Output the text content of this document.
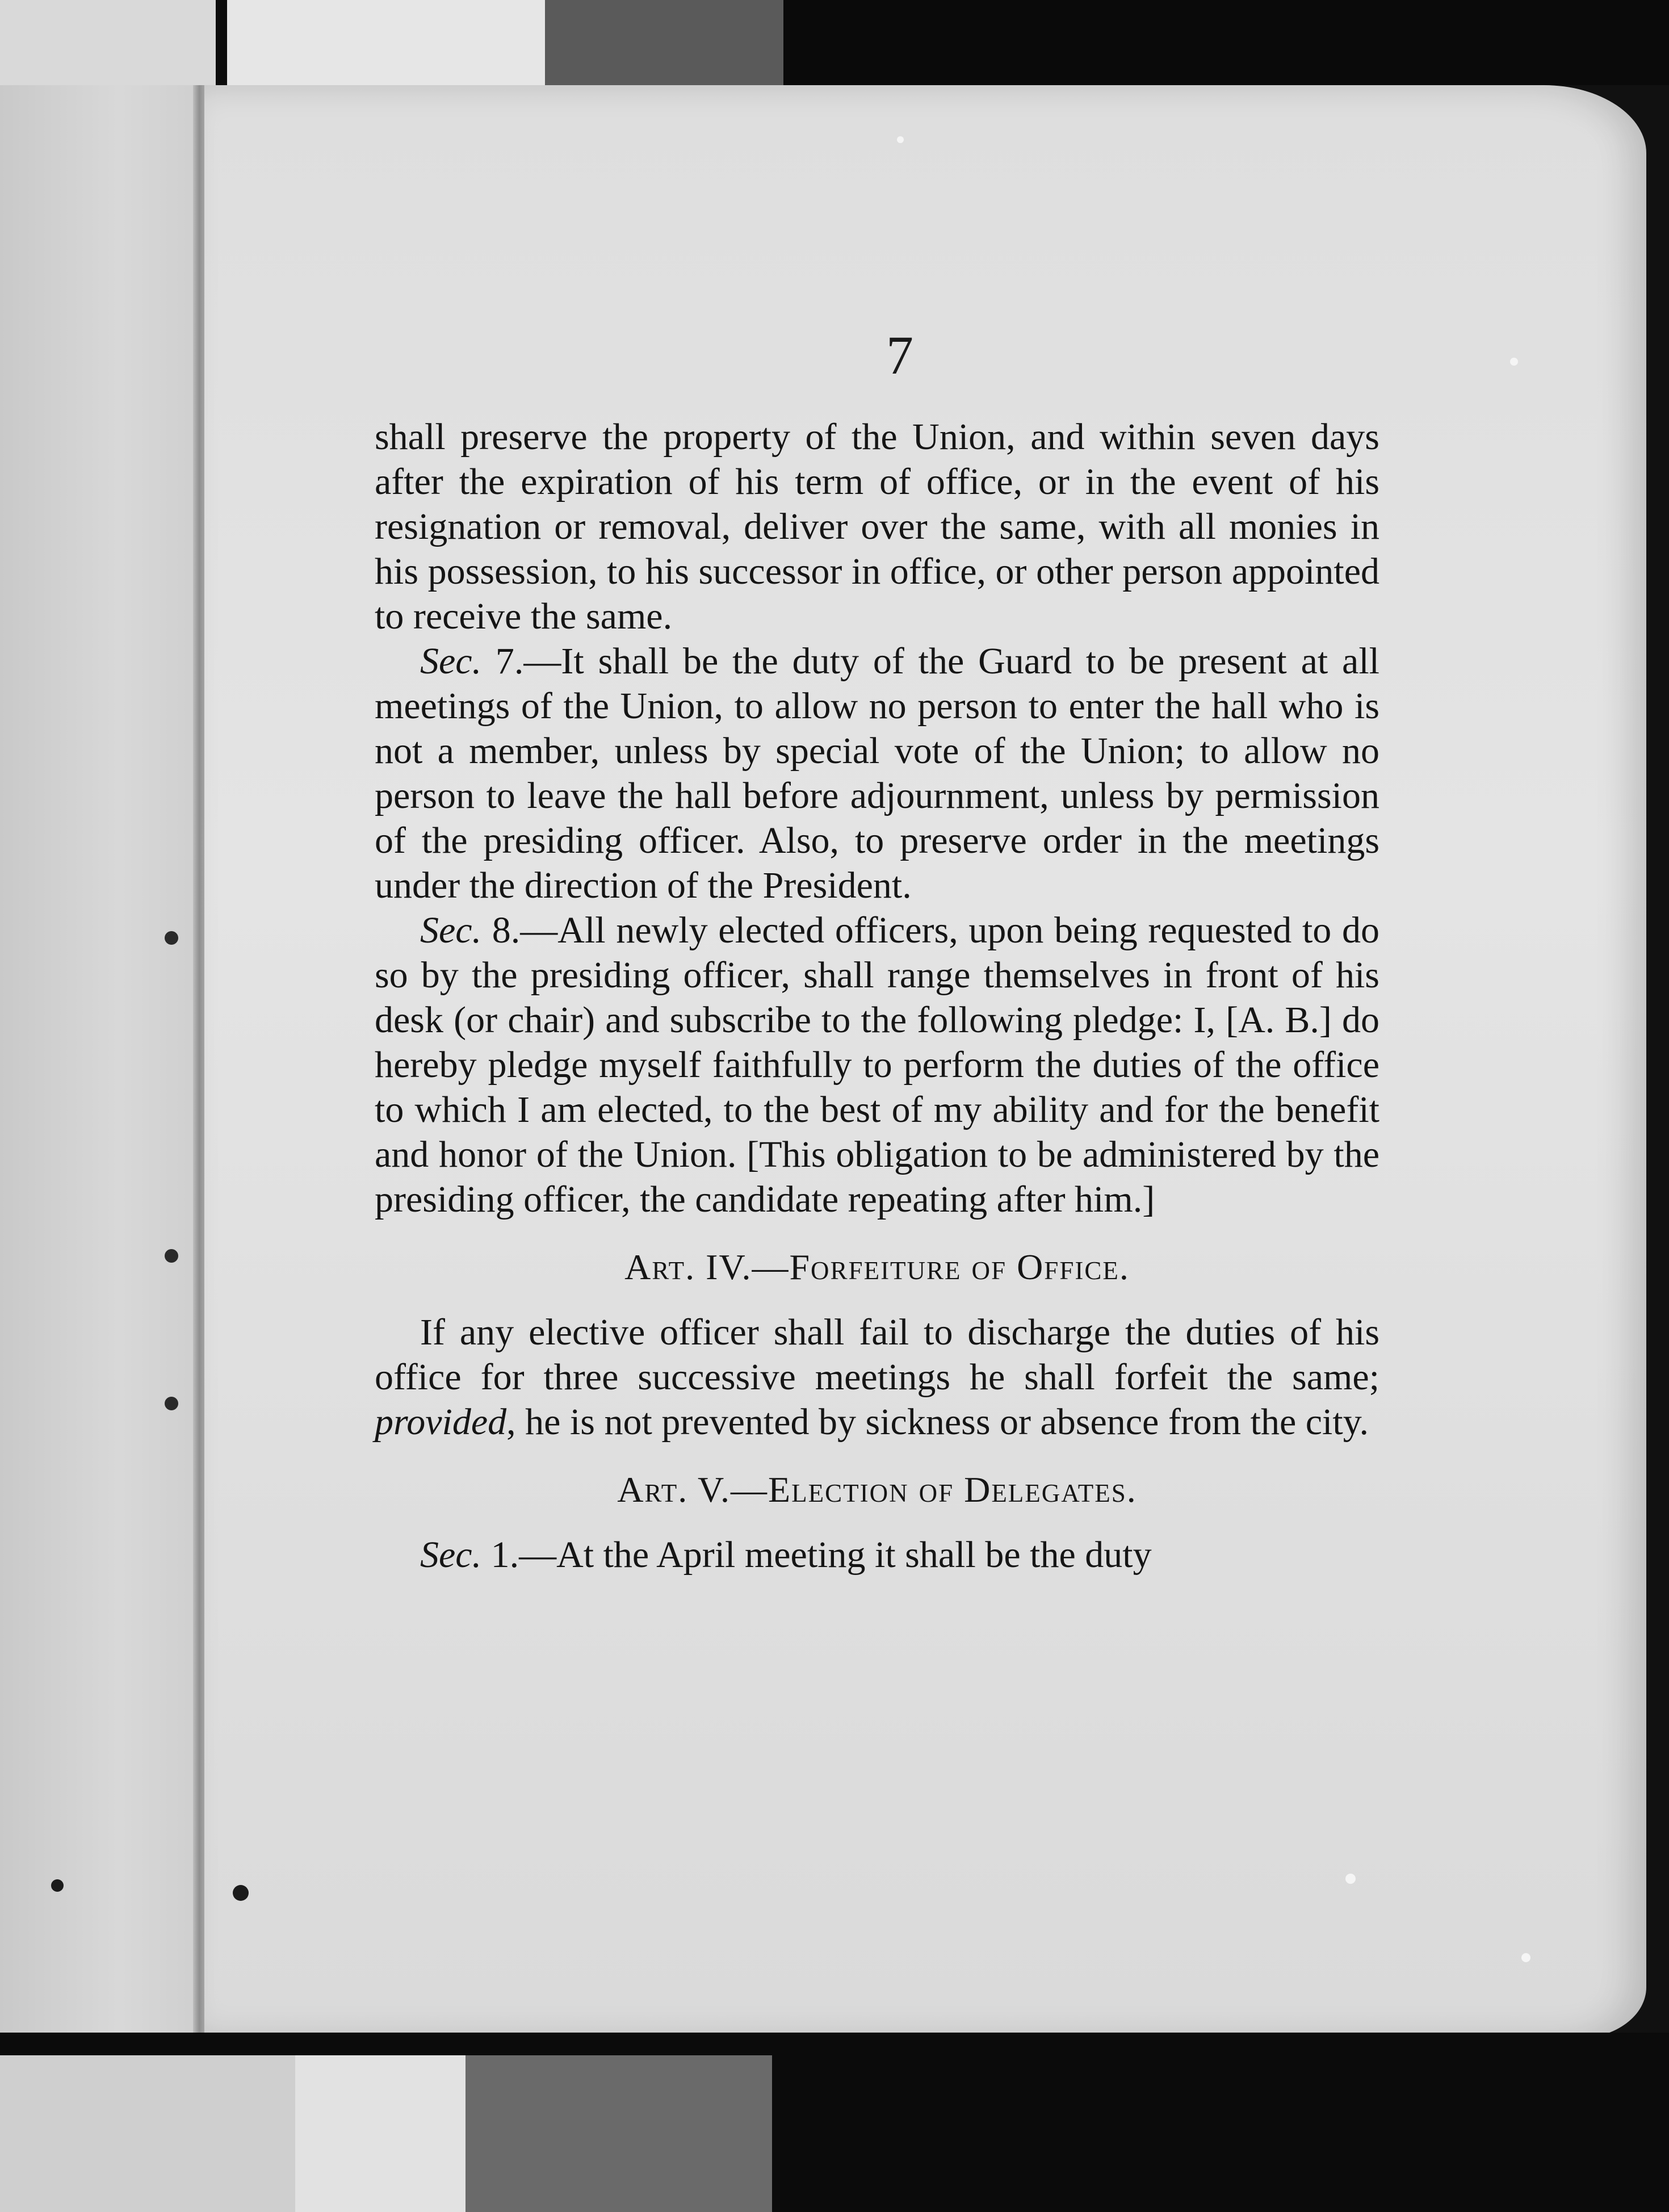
7

shall preserve the property of the Union, and within seven days after the expiration of his term of office, or in the event of his resignation or removal, deliver over the same, with all monies in his possession, to his successor in office, or other person appointed to receive the same.

Sec. 7.—It shall be the duty of the Guard to be present at all meetings of the Union, to allow no person to enter the hall who is not a member, unless by special vote of the Union; to allow no person to leave the hall before adjournment, unless by permission of the presiding officer. Also, to preserve order in the meetings under the direction of the President.

Sec. 8.—All newly elected officers, upon being requested to do so by the presiding officer, shall range themselves in front of his desk (or chair) and subscribe to the following pledge: I, [A. B.] do hereby pledge myself faithfully to perform the duties of the office to which I am elected, to the best of my ability and for the benefit and honor of the Union. [This obligation to be administered by the presiding officer, the candidate repeating after him.]

Art. IV.—Forfeiture of Office.

If any elective officer shall fail to discharge the duties of his office for three successive meetings he shall forfeit the same; provided, he is not prevented by sickness or absence from the city.

Art. V.—Election of Delegates.

Sec. 1.—At the April meeting it shall be the duty
